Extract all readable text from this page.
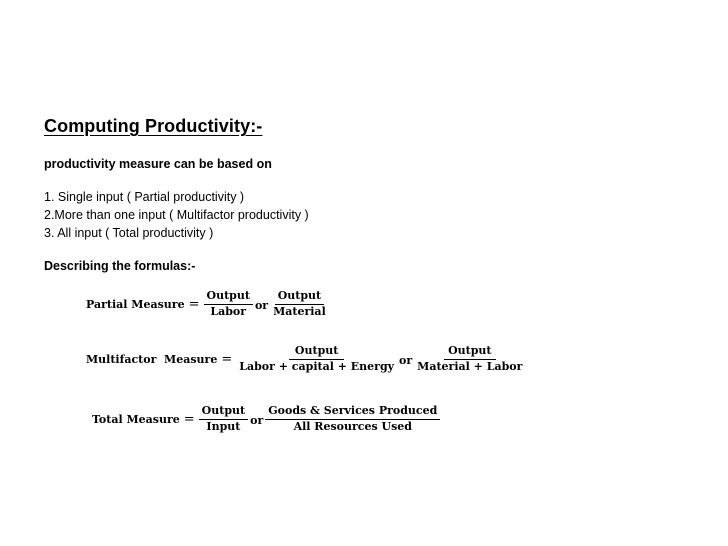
Computing Productivity:-
productivity measure can be based on
1. Single input ( Partial productivity )
2.More than one input ( Multifactor productivity )
3. All input ( Total productivity )
Describing the formulas:-
Partial Measure = $\frac{\text{Output}}{\text{Labor}}$ or $\frac{\text{Output}}{\text{Material}}$
Multifactor  Measure = $\frac{\text{Output}}{\text{Labor + capital + Energy}}$ or $\frac{\text{Output}}{\text{Material + Labor}}$
Total Measure = $\frac{\text{Output}}{\text{Input}}$ or $\frac{\text{Goods \& Services Produced}}{\text{All Resources Used}}$
